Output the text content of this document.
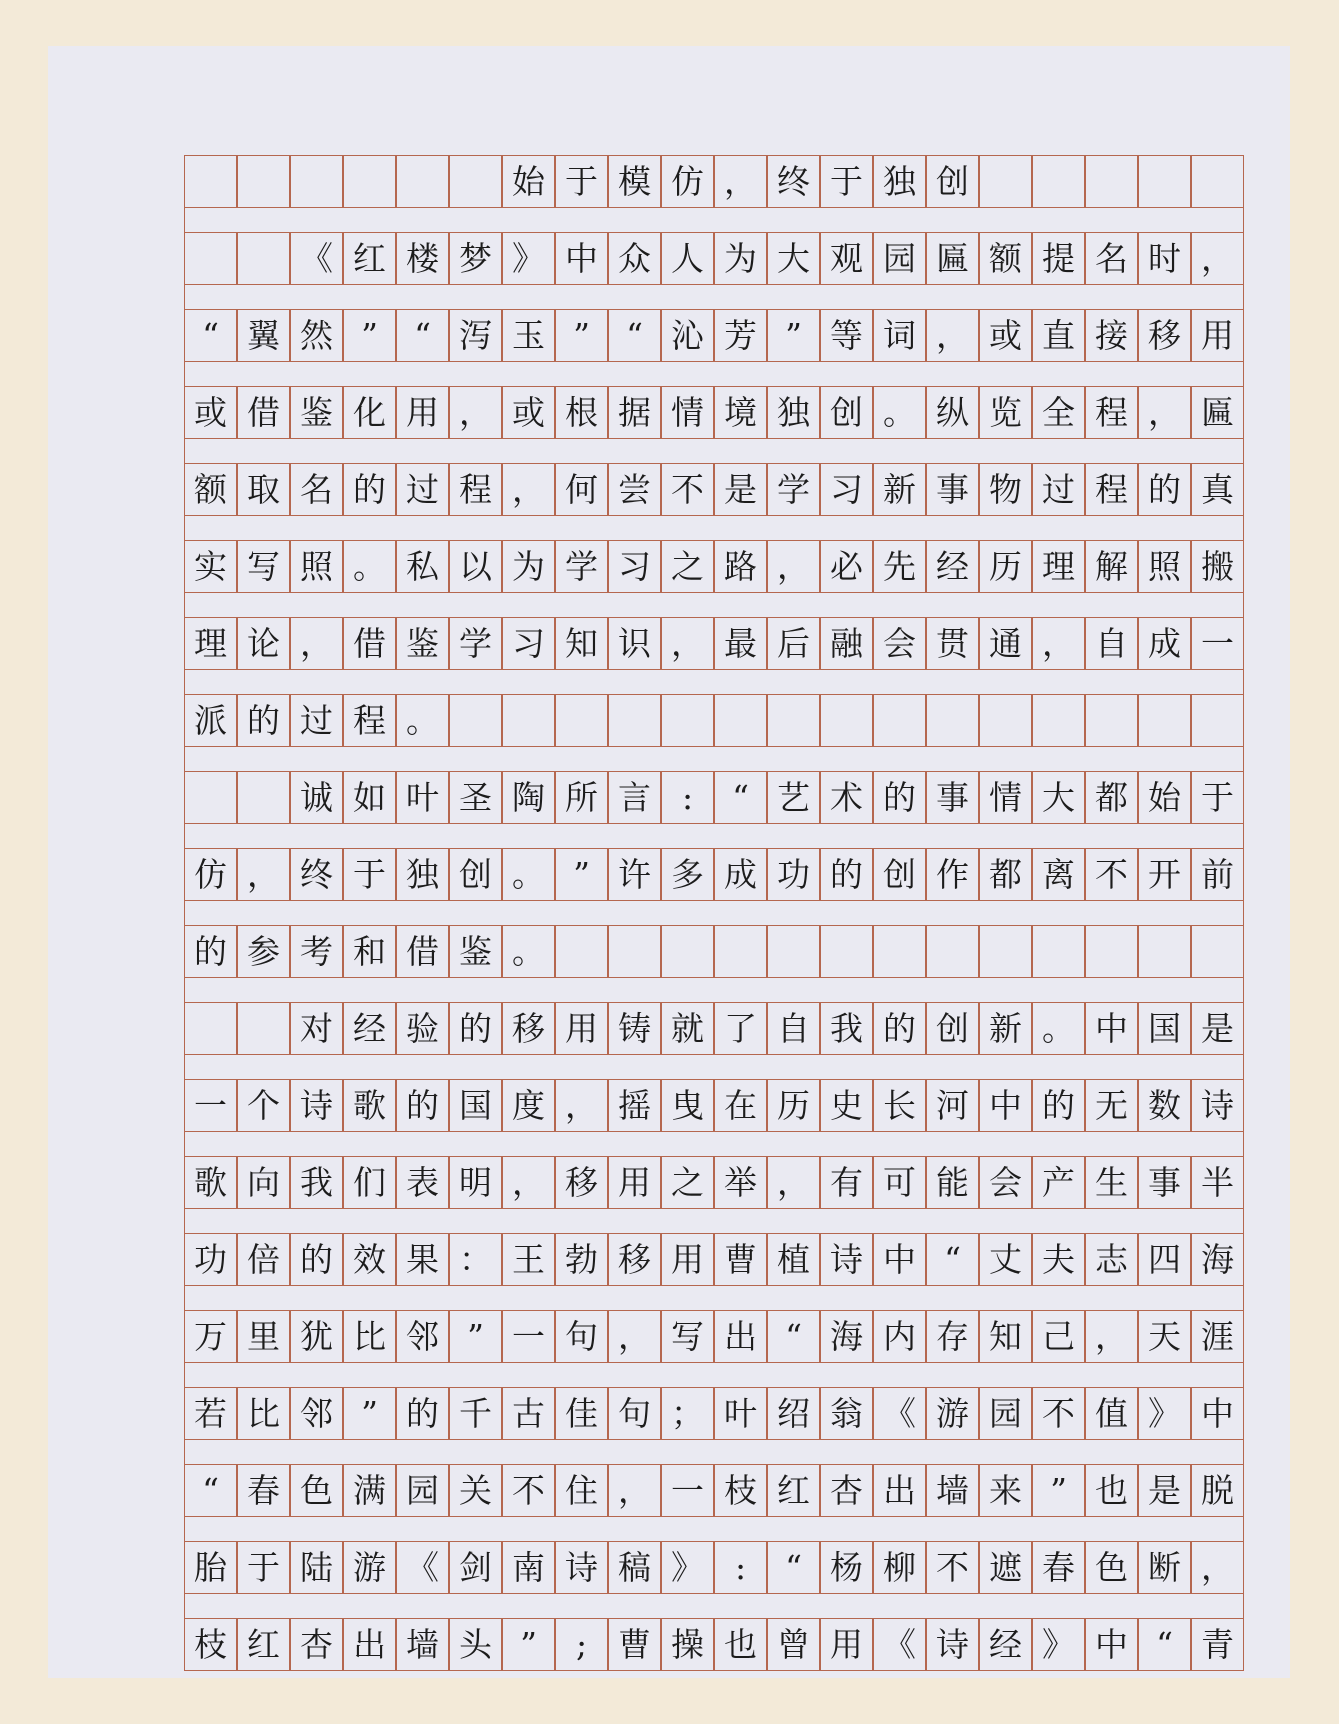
始 于 模 仿 ， 终 于 独 创
《 红 楼 梦 》 中 众 人 为 大 观 园 匾 额 提 名 时 ，
“ 翼 然 ”	“ 泻 玉 ”	“ 沁 芳 ” 等 词 ， 或 直 接 移 用
或 借 鉴 化 用 ， 或 根 据 情 境 独 创 。 纵 览 全 程 ， 匾
额 取 名 的 过 程 ， 何 尝 不 是 学 习 新 事 物 过 程 的 真
实 写 照 。 私 以 为 学 习 之 路 ， 必 先 经 历 理 解 照 搬
理 论 ， 借 鉴 学 习 知 识 ， 最 后 融 会 贯 通 ， 自 成 一
派 的 过 程 。
诚 如 叶 圣 陶 所 言 :	“ 艺 术 的 事 情 大 都 始 于
仿 ， 终 于 独 创 。 ” 许 多 成 功 的 创 作 都 离 不 开 前
的 参 考 和 借 鉴 。
对 经 验 的 移 用 铸 就 了 自 我 的 创 新 。 中 国 是
一 个 诗 歌 的 国 度 ， 摇 曳 在 历 史 长 河 中 的 无 数 诗
歌 向 我 们 表 明 ， 移 用 之 举 ， 有 可 能 会 产 生 事 半
功 倍 的 效 果 ： 王 勃 移 用 曹 植 诗 中 “ 丈 夫 志 四 海
万 里 犹 比 邻 ” 一 句 ， 写 出 “ 海 内 存 知 己 ， 天 涯
若 比 邻 ” 的 千 古 佳 句 ； 叶 绍 翁 《 游 园 不 值 》 中
“ 春 色 满 园 关 不 住 ， 一 枝 红 杏 出 墙 来 ” 也 是 脱
胎 于 陆 游 《 剑 南 诗 稿 》 :	“ 杨 柳 不 遮 春 色 断 ，
枝 红 杏 出 墙 头 ”	; 曹 操 也 曾 用 《 诗 经 》 中 “ 青
